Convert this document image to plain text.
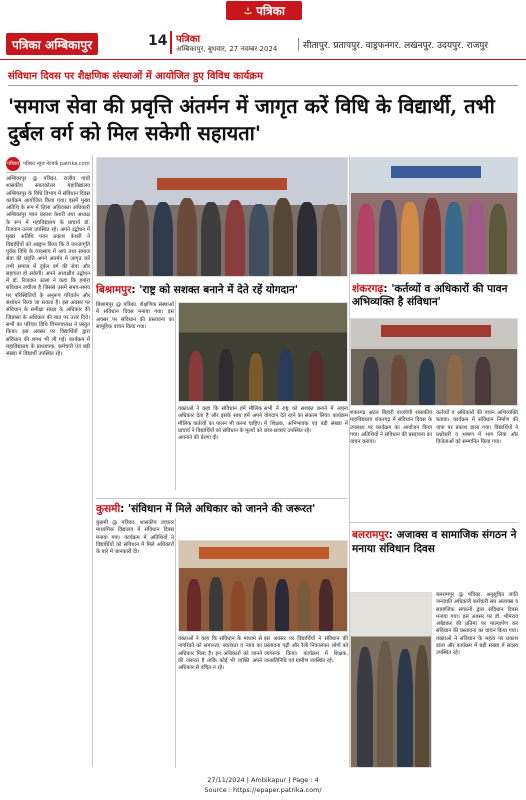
पत्रिका
पत्रिका अम्बिकापुर	14 पत्रिका
अम्बिकापुर, बुधवार, 27 नवम्बर 2024	सीतापुर. प्रतापपुर. वाड्रफनगर. लखनपुर. उदयपुर. राजपुर
संविधान दिवस पर शैक्षणिक संस्थाओं में आयोजित हुए विविध कार्यक्रम
'समाज सेवा की प्रवृत्ति अंतर्मन में जागृत करें विधि के विद्यार्थी, तभी दुर्बल वर्ग को मिल सकेगी सहायता'
पत्रिका पत्रिका न्यूज नेटवर्क patrika.com
अम्बिकापुर @ पत्रिका. राजीव गांधी शासकीय स्नातकोत्तर महाविद्यालय अम्बिकापुर के विधि विभाग में संविधान दिवस कार्यक्रम आयोजित किया गया। इसमें मुख्य अतिथि के रूप में जिला अधिवक्ता अधिकारी अम्बिकापुर पवन प्रकाश केशरी तथा अध्यक्ष के रूप में महाविद्यालय के प्राचार्य डॉ. रिजवान उल्ला उपस्थित रहे। अपने उद्बोधन में मुख्य अतिथि पवन प्रकाश केशरी ने विद्यार्थियों को आह्वान किया कि वे जनजागृति पूर्वक विधि के व्यवसाय में आएं तथा समाज सेवा की प्रवृत्ति अपने अंतर्मन में जागृत करें तभी समाज में दुर्बल वर्ग की सेवा और सहायता हो सकेगी। अपने अध्यक्षीय उद्बोधन में डॉ. रिजवान उल्ला ने कहा कि हमारा संविधान लचीला है जिससे उसमें समय-समय पर परिस्थितियों के अनुरूप परिवर्तन और संशोधन किया जा सकता है। इस अवसर पर संविधान के समीक्षा साक्ष्य के अधिकार की जिज्ञासा के अधिकार की बात पर उत्तर दिये। सभी का परिचय विधि विभागाध्यक्ष ने प्रस्तुत किया। इस अवसर पर विद्यार्थियों द्वारा संविधान की शपथ भी ली गई। कार्यक्रम में महाविद्यालय के प्राध्यापक, कर्मचारी एवं बड़ी संख्या में विद्यार्थी उपस्थित रहे।
बिश्रामपुर: 'राष्ट्र को सशक्त बनाने में देते रहें योगदान'	शंकरगढ़: 'कर्तव्यों व अधिकारों की पावन अभिव्यक्ति है संविधान'
कुसमी: 'संविधान में मिले अधिकार को जानने की जरूरत'
बलरामपुर: अजाक्स व सामाजिक संगठन ने मनाया संविधान दिवस
बिश्रामपुर @ पत्रिका. शैक्षणिक संस्थाओं में संविधान दिवस मनाया गया। इस अवसर पर संविधान की प्रस्तावना का सामूहिक वाचन किया गया।
वक्ताओं ने कहा कि संविधान हमें मौलिक अधिकार देता है और इसके साथ हमें अपने मौलिक कर्तव्यों का पालन भी करना चाहिए। प्राचार्य ने विद्यार्थियों को संविधान के मूल्यों को अपनाने की प्रेरणा दी।
सभी ने राष्ट्र को सशक्त बनाने में अपना योगदान देते रहने का संकल्प लिया। कार्यक्रम में शिक्षक, अभिभावक एवं बड़ी संख्या में छात्र-छात्राएं उपस्थित रहे।
शंकरगढ़ अटल बिहारी वाजपेयी शासकीय महाविद्यालय शंकरगढ़ में संविधान दिवस के उपलक्ष्य पर कार्यक्रम का आयोजन किया गया। अतिथियों ने संविधान की प्रस्तावना का वाचन कराया।
कर्तव्यों व अधिकारों की पावन अभिव्यक्ति बताया। कार्यक्रम में संविधान निर्माण की यात्रा पर प्रकाश डाला गया। विद्यार्थियों ने प्रश्नोत्तरी व भाषण में भाग लिया और विजेताओं को सम्मानित किया गया।
कुसमी @ पत्रिका. शासकीय उच्चतर माध्यमिक विद्यालय में संविधान दिवस मनाया गया। कार्यक्रम में अतिथियों ने विद्यार्थियों को संविधान में मिले अधिकारों के बारे में जानकारी दी।
वक्ताओं ने कहा कि संविधान के माध्यम से नागरिकों को समानता, स्वतंत्रता व न्याय का अधिकार मिला है। इन अधिकारों को जानने की जरूरत है ताकि कोई भी व्यक्ति अपने अधिकार से वंचित न रहे।
इस अवसर पर विद्यार्थियों ने संविधान की प्रस्तावना पढ़ी और रैली निकालकर लोगों को जागरूक किया। कार्यक्रम में शिक्षक, जनप्रतिनिधि एवं ग्रामीण उपस्थित रहे।
बलरामपुर @ पत्रिका. अनुसूचित जाति जनजाति अधिकारी कर्मचारी संघ अजाक्स व सामाजिक संगठनों द्वारा संविधान दिवस मनाया गया। इस अवसर पर डॉ. भीमराव अंबेडकर की प्रतिमा पर माल्यार्पण कर संविधान की प्रस्तावना का वाचन किया गया। वक्ताओं ने संविधान के महत्व पर प्रकाश डाला और कार्यक्रम में बड़ी संख्या में सदस्य उपस्थित रहे।
27/11/2024 | Ambikapur | Page : 4
Source : https://epaper.patrika.com/
